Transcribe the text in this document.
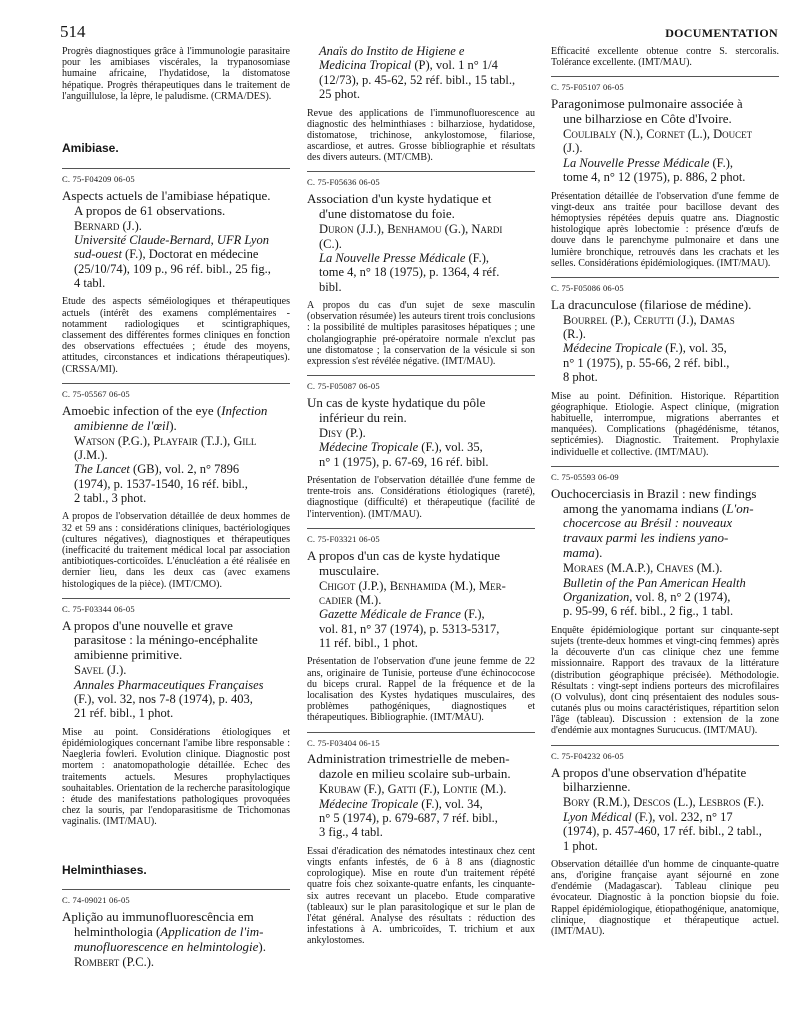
514	DOCUMENTATION

Progrès diagnostiques grâce à l'immunologie parasitaire pour les amibiases viscérales, la trypanosomiase humaine africaine, l'hydatidose, la distomatose hépatique. Progrès thérapeutiques dans le traitement de l'anguillulose, la lèpre, le paludisme. (CRMA/DES).

Amibiase.

C. 75-F04209 06-05

Aspects actuels de l'amibiase hépatique.

A propos de 61 observations.

Bernard (J.).

Université Claude-Bernard, UFR Lyon

sud-ouest (F.), Doctorat en médecine

(25/10/74), 109 p., 96 réf. bibl., 25 fig.,

4 tabl.

Etude des aspects séméiologiques et thérapeutiques actuels (intérêt des examens complémentaires - notamment radiologiques et scintigraphiques, classement des différentes formes cliniques en fonction des observations effectuées ; étude des moyens, attitudes, circonstances et indications thérapeutiques). (CRSSA/MI).

C. 75-05567 06-05

Amoebic infection of the eye (Infection

amibienne de l'œil).

Watson (P.G.), Playfair (T.J.), Gill

(J.M.).

The Lancet (GB), vol. 2, n° 7896

(1974), p. 1537-1540, 16 réf. bibl.,

2 tabl., 3 phot.

A propos de l'observation détaillée de deux hommes de 32 et 59 ans : considérations cliniques, bactériologiques (cultures négatives), diagnostiques et thérapeutiques (inefficacité du traitement médical local par association antibiotiques-corticoïdes. L'énucléation a été réalisée en dernier lieu, dans les deux cas (avec examens histologiques de la pièce). (IMT/CMO).

C. 75-F03344 06-05

A propos d'une nouvelle et grave

parasitose : la méningo-encéphalite

amibienne primitive.

Savel (J.).

Annales Pharmaceutiques Françaises

(F.), vol. 32, nos 7-8 (1974), p. 403,

21 réf. bibl., 1 phot.

Mise au point. Considérations étiologiques et épidémiologiques concernant l'amibe libre responsable : Naegleria fowleri. Evolution clinique. Diagnostic post mortem : anatomopathologie détaillée. Echec des traitements actuels. Mesures prophylactiques souhaitables. Orientation de la recherche parasitologique : étude des manifestations pathologiques provoquées chez la souris, par l'endoparasitisme de Trichomonas vaginalis. (IMT/MAU).

Helminthiases.

C. 74-09021 06-05

Aplição au immunofluorescência em

helminthologia (Application de l'im-

munofluorescence en helmintologie).

Rombert (P.C.).

Anaïs do Instito de Higiene e

Medicina Tropical (P), vol. 1 n° 1/4

(12/73), p. 45-62, 52 réf. bibl., 15 tabl.,

25 phot.

Revue des applications de l'immunofluorescence au diagnostic des helminthiases : bilharziose, hydatidose, distomatose, trichinose, ankylostomose, filariose, ascardiose, et autres. Grosse bibliographie et résultats des divers auteurs. (MT/CMB).

C. 75-F05636 06-05

Association d'un kyste hydatique et

d'une distomatose du foie.

Duron (J.J.), Benhamou (G.), Nardi

(C.).

La Nouvelle Presse Médicale (F.),

tome 4, n° 18 (1975), p. 1364, 4 réf.

bibl.

A propos du cas d'un sujet de sexe masculin (observation résumée) les auteurs tirent trois conclusions : la possibilité de multiples parasitoses hépatiques ; une cholangiographie pré-opératoire normale n'exclut pas une distomatose ; la conservation de la vésicule si son expression s'est révélée négative. (IMT/MAU).

C. 75-F05087 06-05

Un cas de kyste hydatique du pôle

inférieur du rein.

Disy (P.).

Médecine Tropicale (F.), vol. 35,

n° 1 (1975), p. 67-69, 16 réf. bibl.

Présentation de l'observation détaillée d'une femme de trente-trois ans. Considérations étiologiques (rareté), diagnostique (difficulté) et thérapeutique (facilité de l'intervention). (IMT/MAU).

C. 75-F03321 06-05

A propos d'un cas de kyste hydatique

musculaire.

Chigot (J.P.), Benhamida (M.), Mer-

cadier (M.).

Gazette Médicale de France (F.),

vol. 81, n° 37 (1974), p. 5313-5317,

11 réf. bibl., 1 phot.

Présentation de l'observation d'une jeune femme de 22 ans, originaire de Tunisie, porteuse d'une échinococose du biceps crural. Rappel de la fréquence et de la localisation des Kystes hydatiques musculaires, des problèmes pathogéniques, diagnostiques et thérapeutiques. Bibliographie. (IMT/MAU).

C. 75-F03404 06-15

Administration trimestrielle de meben-

dazole en milieu scolaire sub-urbain.

Krubaw (F.), Gatti (F.), Lontie (M.).

Médecine Tropicale (F.), vol. 34,

n° 5 (1974), p. 679-687, 7 réf. bibl.,

3 fig., 4 tabl.

Essai d'éradication des nématodes intestinaux chez cent vingts enfants infestés, de 6 à 8 ans (diagnostic coprologique). Mise en route d'un traitement répété quatre fois chez soixante-quatre enfants, les cinquante-six autres recevant un placebo. Etude comparative (tableaux) sur le plan parasitologique et sur le plan de l'état général. Analyse des résultats : réduction des infestations à A. umbricoïdes, T. trichium et aux ankylostomes.

Efficacité excellente obtenue contre S. stercoralis. Tolérance excellente. (IMT/MAU).

C. 75-F05107 06-05

Paragonimose pulmonaire associée à

une bilharziose en Côte d'Ivoire.

Coulibaly (N.), Cornet (L.), Doucet

(J.).

La Nouvelle Presse Médicale (F.),

tome 4, n° 12 (1975), p. 886, 2 phot.

Présentation détaillée de l'observation d'une femme de vingt-deux ans traitée pour bacillose devant des hémoptysies répétées depuis quatre ans. Diagnostic histologique après lobectomie : présence d'œufs de douve dans le parenchyme pulmonaire et dans une lumière bronchique, retrouvés dans les crachats et les selles. Considérations épidémiologiques. (IMT/MAU).

C. 75-F05086 06-05

La dracunculose (filariose de médine).

Bourrel (P.), Cerutti (J.), Damas

(R.).

Médecine Tropicale (F.), vol. 35,

n° 1 (1975), p. 55-66, 2 réf. bibl.,

8 phot.

Mise au point. Définition. Historique. Répartition géographique. Etiologie. Aspect clinique, (migration habituelle, interrompue, migrations aberrantes et manquées). Complications (phagédénisme, tétanos, septicémies). Diagnostic. Traitement. Prophylaxie individuelle et collective. (IMT/MAU).

C. 75-05593 06-09

Ouchocerciasis in Brazil : new findings

among the yanomama indians (L'on-

chocercose au Brésil : nouveaux

travaux parmi les indiens yano-

mama).

Moraes (M.A.P.), Chaves (M.).

Bulletin of the Pan American Health

Organization, vol. 8, n° 2 (1974),

p. 95-99, 6 réf. bibl., 2 fig., 1 tabl.

Enquête épidémiologique portant sur cinquante-sept sujets (trente-deux hommes et vingt-cinq femmes) après la découverte d'un cas clinique chez une femme missionnaire. Rapport des travaux de la littérature (distribution géographique précisée). Méthodologie. Résultats : vingt-sept indiens porteurs des microfilaires (O volvulus), dont cinq présentaient des nodules sous-cutanés plus ou moins caractéristiques, répartition selon l'âge (tableau). Discussion : extension de la zone d'endémie aux montagnes Surucucus. (IMT/MAU).

C. 75-F04232 06-05

A propos d'une observation d'hépatite

bilharzienne.

Bory (R.M.), Descos (L.), Lesbros (F.).

Lyon Médical (F.), vol. 232, n° 17

(1974), p. 457-460, 17 réf. bibl., 2 tabl.,

1 phot.

Observation détaillée d'un homme de cinquante-quatre ans, d'origine française ayant séjourné en zone d'endémie (Madagascar). Tableau clinique peu évocateur. Diagnostic à la ponction biopsie du foie. Rappel épidémiologique, étiopathogénique, anatomique, clinique, diagnostique et thérapeutique actuel. (IMT/MAU).
